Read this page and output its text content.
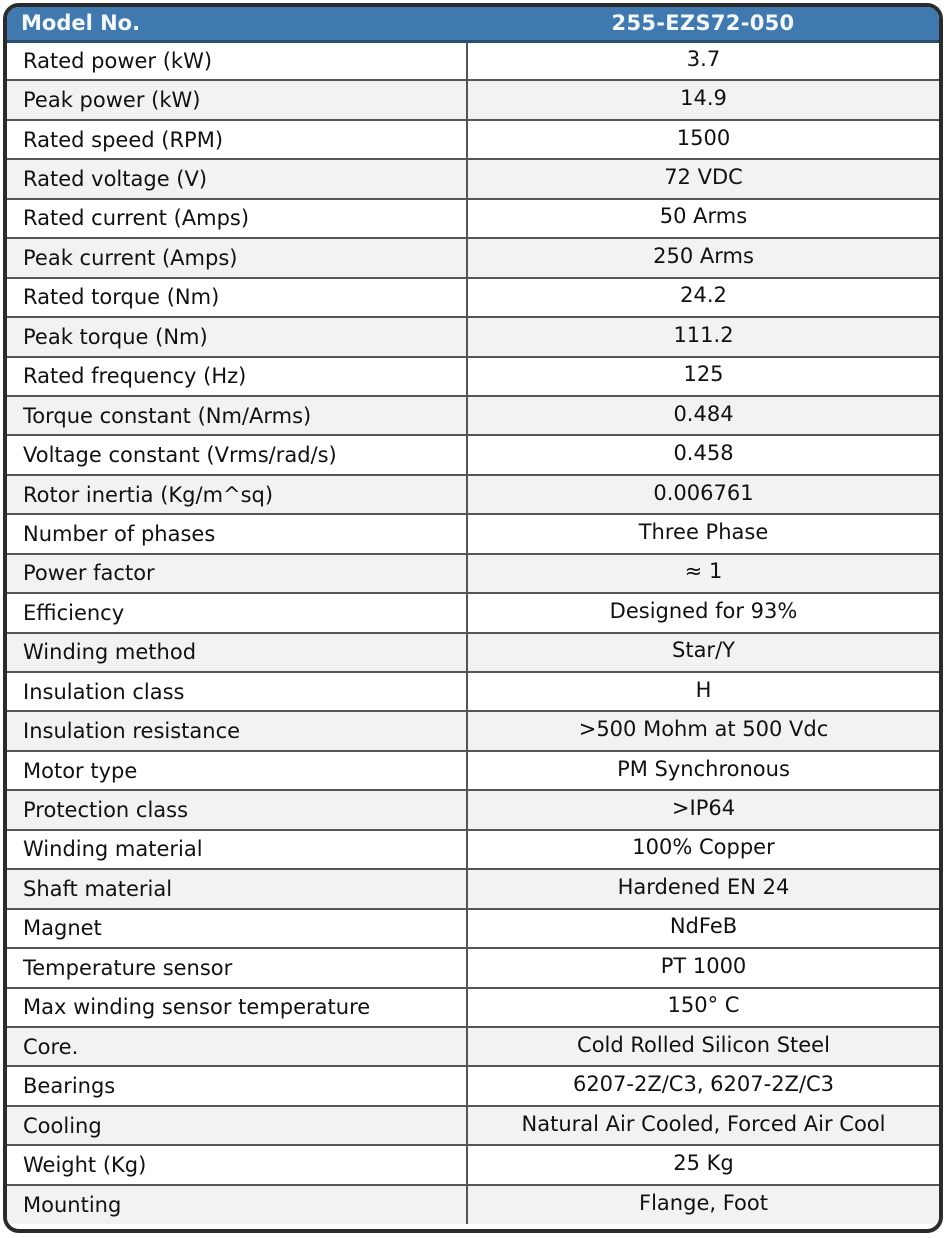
Model No.	255-EZS72-050
Rated power (kW)	3.7
Peak power (kW)	14.9
Rated speed (RPM)	1500
Rated voltage (V)	72 VDC
Rated current (Amps)	50 Arms
Peak current (Amps)	250 Arms
Rated torque (Nm)	24.2
Peak torque (Nm)	111.2
Rated frequency (Hz)	125
Torque constant (Nm/Arms)	0.484
Voltage constant (Vrms/rad/s)	0.458
Rotor inertia (Kg/m^sq)	0.006761
Number of phases	Three Phase
Power factor	≈ 1
Efficiency	Designed for 93%
Winding method	Star/Y
Insulation class	H
Insulation resistance	>500 Mohm at 500 Vdc
Motor type	PM Synchronous
Protection class	>IP64
Winding material	100% Copper
Shaft material	Hardened EN 24
Magnet	NdFeB
Temperature sensor	PT 1000
Max winding sensor temperature	150° C
Core.	Cold Rolled Silicon Steel
Bearings	6207-2Z/C3, 6207-2Z/C3
Cooling	Natural Air Cooled, Forced Air Cool
Weight (Kg)	25 Kg
Mounting	Flange, Foot
